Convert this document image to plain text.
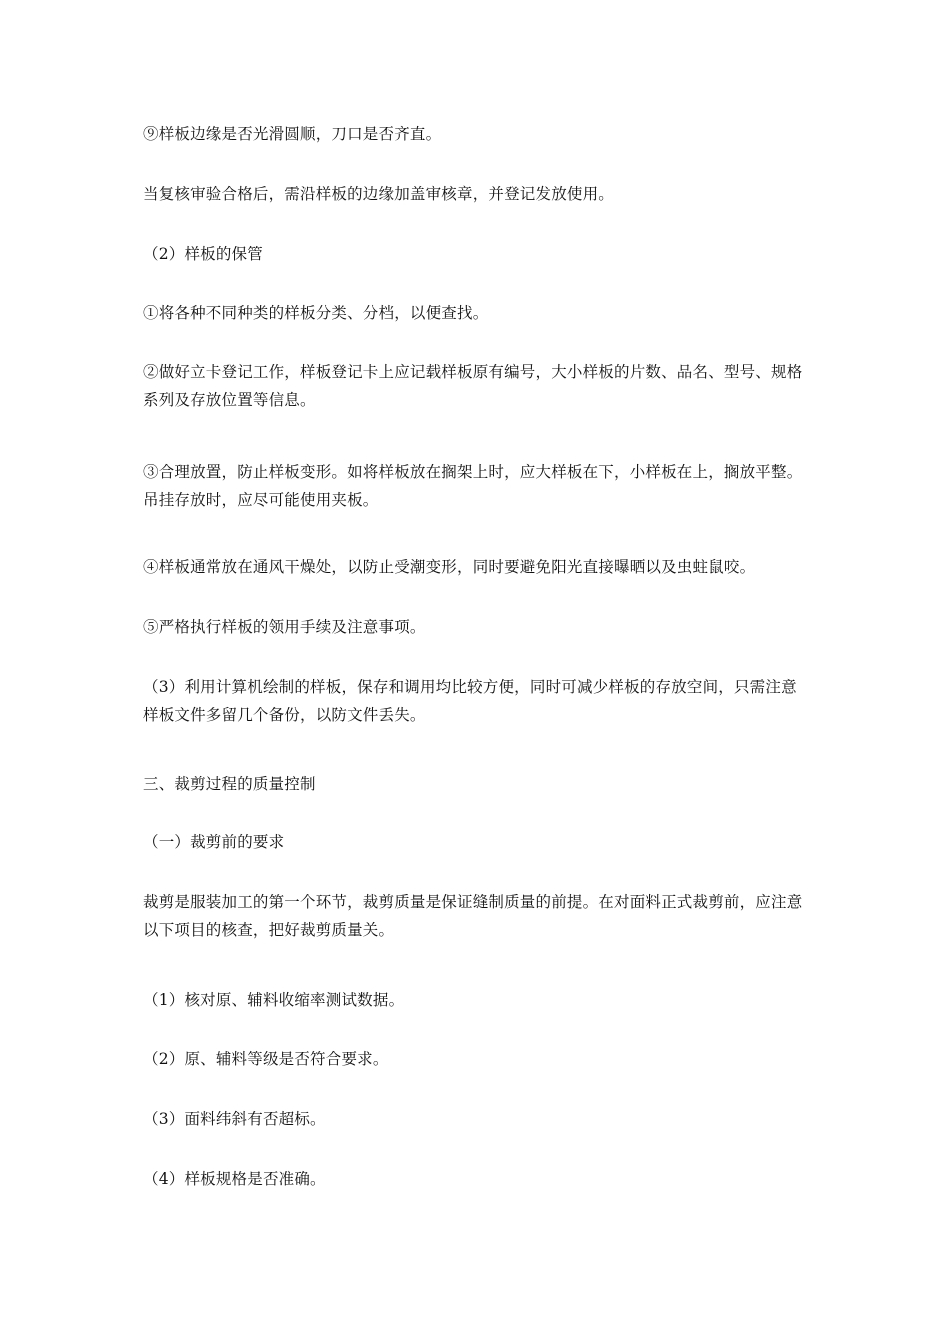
⑨样板边缘是否光滑圆顺，刀口是否齐直。

当复核审验合格后，需沿样板的边缘加盖审核章，并登记发放使用。

（2）样板的保管

①将各种不同种类的样板分类、分档，以便查找。

②做好立卡登记工作，样板登记卡上应记载样板原有编号，大小样板的片数、品名、型号、规格系列及存放位置等信息。

③合理放置，防止样板变形。如将样板放在搁架上时，应大样板在下，小样板在上，搁放平整。吊挂存放时，应尽可能使用夹板。

④样板通常放在通风干燥处，以防止受潮变形，同时要避免阳光直接曝晒以及虫蛀鼠咬。

⑤严格执行样板的领用手续及注意事项。

（3）利用计算机绘制的样板，保存和调用均比较方便，同时可减少样板的存放空间，只需注意样板文件多留几个备份，以防文件丢失。

三、裁剪过程的质量控制

（一）裁剪前的要求

裁剪是服装加工的第一个环节，裁剪质量是保证缝制质量的前提。在对面料正式裁剪前，应注意以下项目的核查，把好裁剪质量关。

（1）核对原、辅料收缩率测试数据。

（2）原、辅料等级是否符合要求。

（3）面料纬斜有否超标。

（4）样板规格是否准确。
